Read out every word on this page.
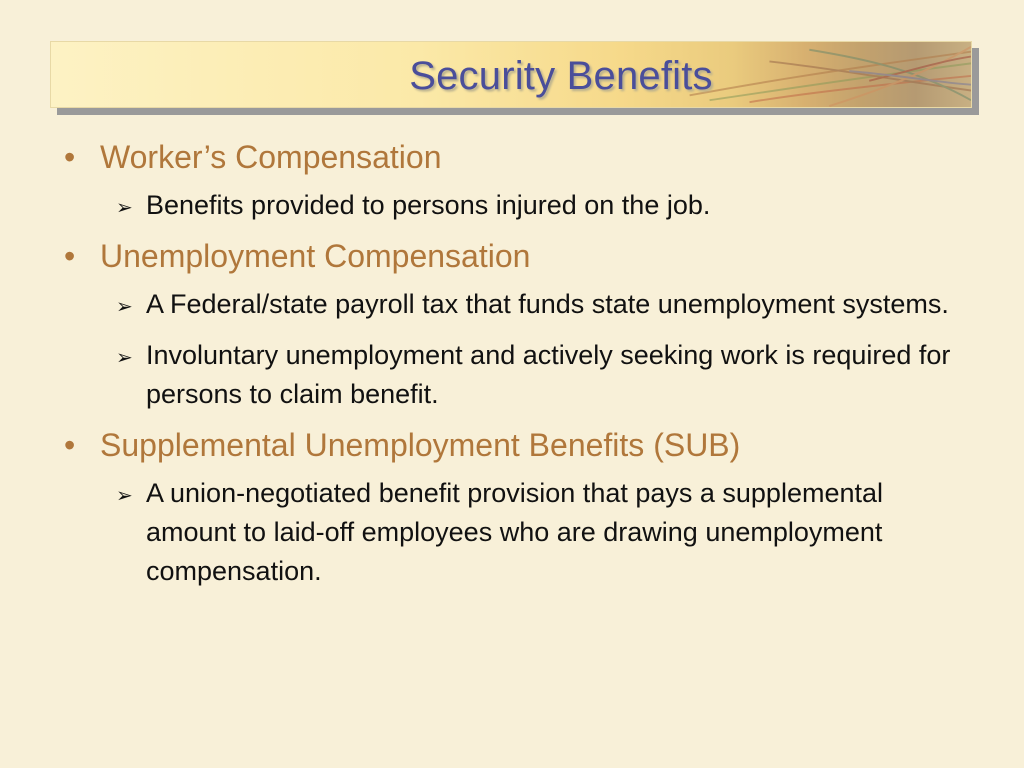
Security Benefits
• Worker’s Compensation
➢ Benefits provided to persons injured on the job.
• Unemployment Compensation
➢ A Federal/state payroll tax that funds state unemployment systems.
➢ Involuntary unemployment and actively seeking work is required for persons to claim benefit.
• Supplemental Unemployment Benefits (SUB)
➢ A union-negotiated benefit provision that pays a supplemental amount to laid-off employees who are drawing unemployment compensation.
